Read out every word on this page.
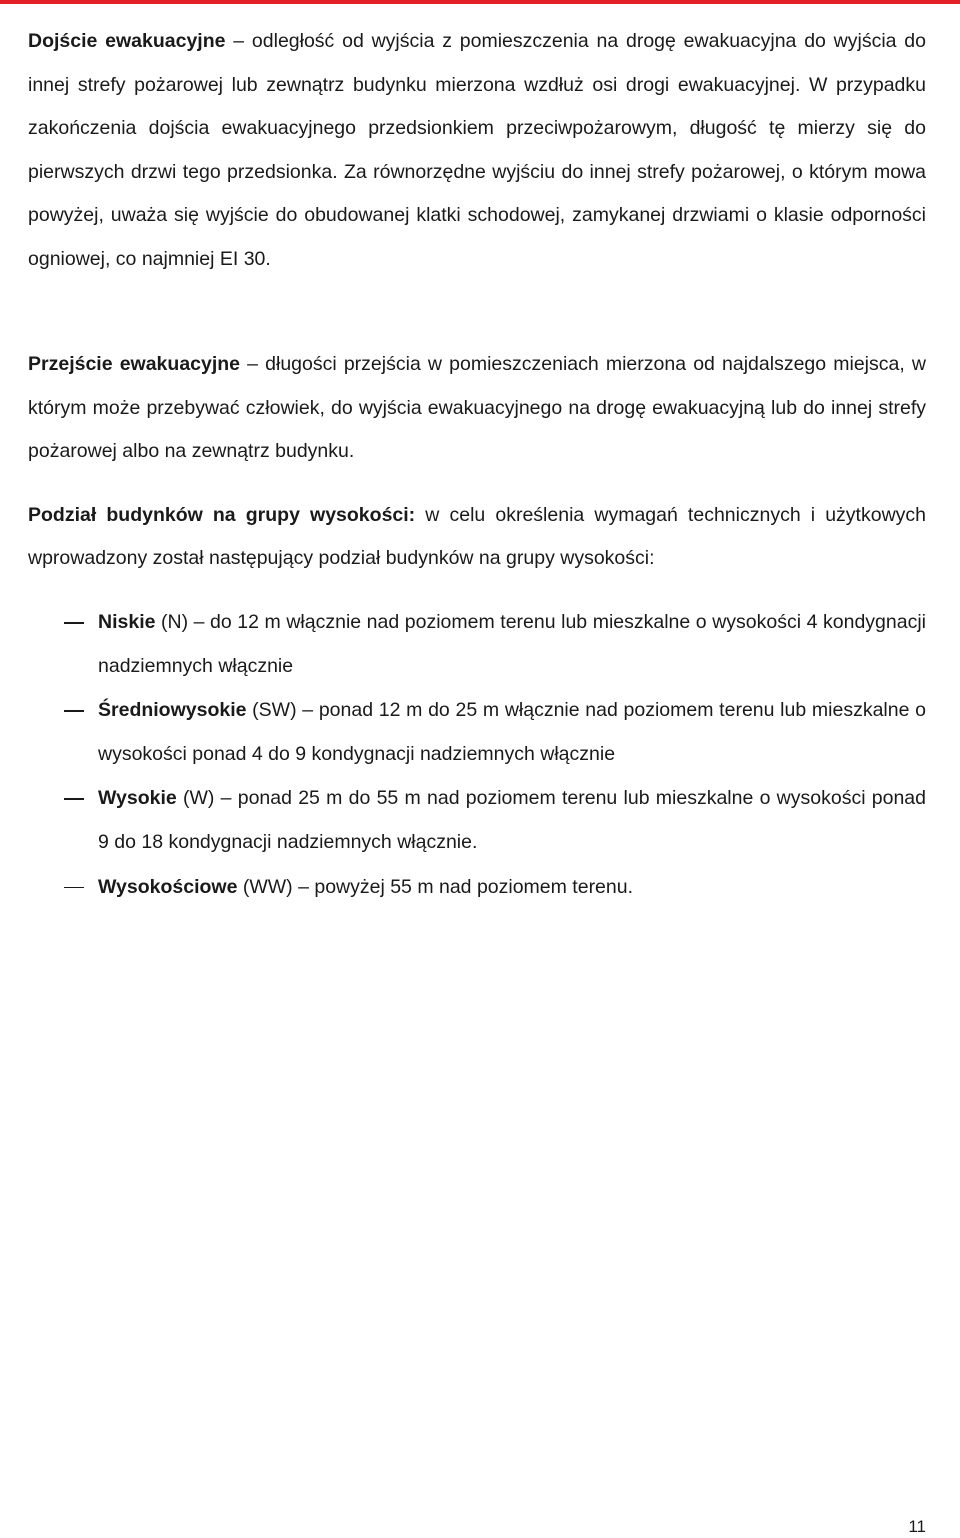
Dojście ewakuacyjne – odległość od wyjścia z pomieszczenia na drogę ewakuacyjna do wyjścia do innej strefy pożarowej lub zewnątrz budynku mierzona wzdłuż osi drogi ewakuacyjnej. W przypadku zakończenia dojścia ewakuacyjnego przedsionkiem przeciwpożarowym, długość tę mierzy się do pierwszych drzwi tego przedsionka. Za równorzędne wyjściu do innej strefy pożarowej, o którym mowa powyżej, uważa się wyjście do obudowanej klatki schodowej, zamykanej drzwiami o klasie odporności ogniowej, co najmniej EI 30.

Przejście ewakuacyjne – długości przejścia w pomieszczeniach mierzona od najdalszego miejsca, w którym może przebywać człowiek, do wyjścia ewakuacyjnego na drogę ewakuacyjną lub do innej strefy pożarowej albo na zewnątrz budynku.

Podział budynków na grupy wysokości: w celu określenia wymagań technicznych i użytkowych wprowadzony został następujący podział budynków na grupy wysokości:

Niskie (N) – do 12 m włącznie nad poziomem terenu lub mieszkalne o wysokości 4 kondygnacji nadziemnych włącznie
Średniowysokie (SW) – ponad 12 m do 25 m włącznie nad poziomem terenu lub mieszkalne o wysokości ponad 4 do 9 kondygnacji nadziemnych włącznie
Wysokie (W) – ponad 25 m do 55 m nad poziomem terenu lub mieszkalne o wysokości ponad 9 do 18 kondygnacji nadziemnych włącznie.
Wysokościowe (WW) – powyżej 55 m nad poziomem terenu.
11
